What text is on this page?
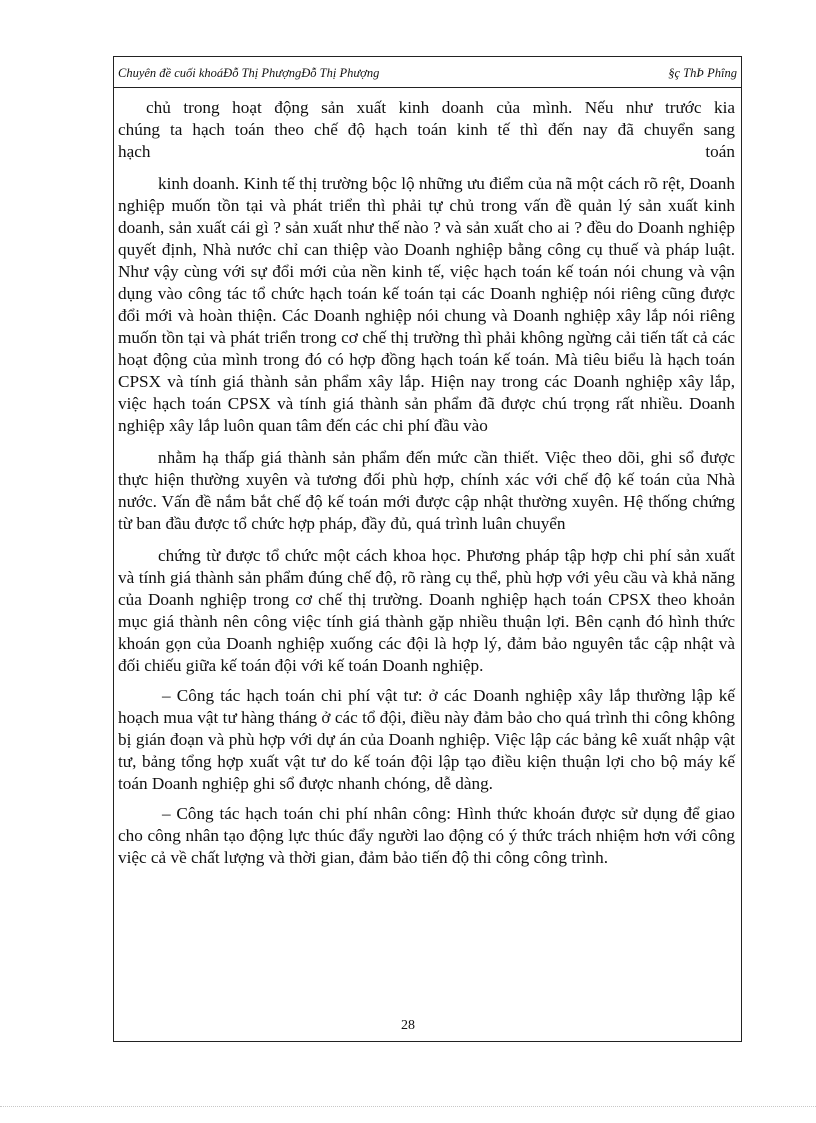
Chuyên đề cuối khoáĐỗ Thị PhượngĐỗ Thị Phượng	§ç ThÞ Phîng

chủ trong hoạt động sản xuất kinh doanh của mình. Nếu như trước kia

chúng ta hạch toán theo chế độ hạch toán kinh tế thì đến nay đã chuyển sang

hạch toán

kinh doanh. Kinh tế thị trường bộc lộ những ưu điểm của nã một cách rõ rệt, Doanh nghiệp muốn tồn tại và phát triển thì phải tự chủ trong vấn đề quản lý sản xuất kinh doanh, sản xuất cái gì ? sản xuất như thế nào ? và sản xuất cho ai ? đều do Doanh nghiệp quyết định, Nhà nước chỉ can thiệp vào Doanh nghiệp bằng công cụ thuế và pháp luật. Như vậy cùng với sự đổi mới của nền kinh tế, việc hạch toán kế toán nói chung và vận dụng vào công tác tổ chức hạch toán kế toán tại các Doanh nghiệp nói riêng cũng được đổi mới và hoàn thiện. Các Doanh nghiệp nói chung và Doanh nghiệp xây lắp nói riêng muốn tồn tại và phát triển trong cơ chế thị trường thì phải không ngừng cải tiến tất cả các hoạt động của mình trong đó có hợp đồng hạch toán kế toán. Mà tiêu biểu là hạch toán CPSX và tính giá thành sản phẩm xây lắp. Hiện nay trong các Doanh nghiệp xây lắp, việc hạch toán CPSX và tính giá thành sản phẩm đã được chú trọng rất nhiều. Doanh nghiệp xây lắp luôn quan tâm đến các chi phí đầu vào

nhằm hạ thấp giá thành sản phẩm đến mức cần thiết. Việc theo dõi, ghi sổ được thực hiện thường xuyên và tương đối phù hợp, chính xác với chế độ kế toán của Nhà nước. Vấn đề nắm bắt chế độ kế toán mới được cập nhật thường xuyên. Hệ thống chứng từ ban đầu được tổ chức hợp pháp, đầy đủ, quá trình luân chuyển

chứng từ được tổ chức một cách khoa học. Phương pháp tập hợp chi phí sản xuất và tính giá thành sản phẩm đúng chế độ, rõ ràng cụ thể, phù hợp với yêu cầu và khả năng của Doanh nghiệp trong cơ chế thị trường. Doanh nghiệp hạch toán CPSX theo khoản mục giá thành nên công việc tính giá thành gặp nhiều thuận lợi. Bên cạnh đó hình thức khoán gọn của Doanh nghiệp xuống các đội là hợp lý, đảm bảo nguyên tắc cập nhật và đối chiếu giữa kế toán đội với kế toán Doanh nghiệp.

– Công tác hạch toán chi phí vật tư: ở các Doanh nghiệp xây lắp thường lập kế hoạch mua vật tư hàng tháng ở các tổ đội, điều này đảm bảo cho quá trình thi công không bị gián đoạn và phù hợp với dự án của Doanh nghiệp. Việc lập các bảng kê xuất nhập vật tư, bảng tổng hợp xuất vật tư do kế toán đội lập tạo điều kiện thuận lợi cho bộ máy kế toán Doanh nghiệp ghi sổ được nhanh chóng, dễ dàng.

– Công tác hạch toán chi phí nhân công: Hình thức khoán được sử dụng để giao cho công nhân tạo động lực thúc đẩy người lao động có ý thức trách nhiệm hơn với công việc cả về chất lượng và thời gian, đảm bảo tiến độ thi công công trình.

28
